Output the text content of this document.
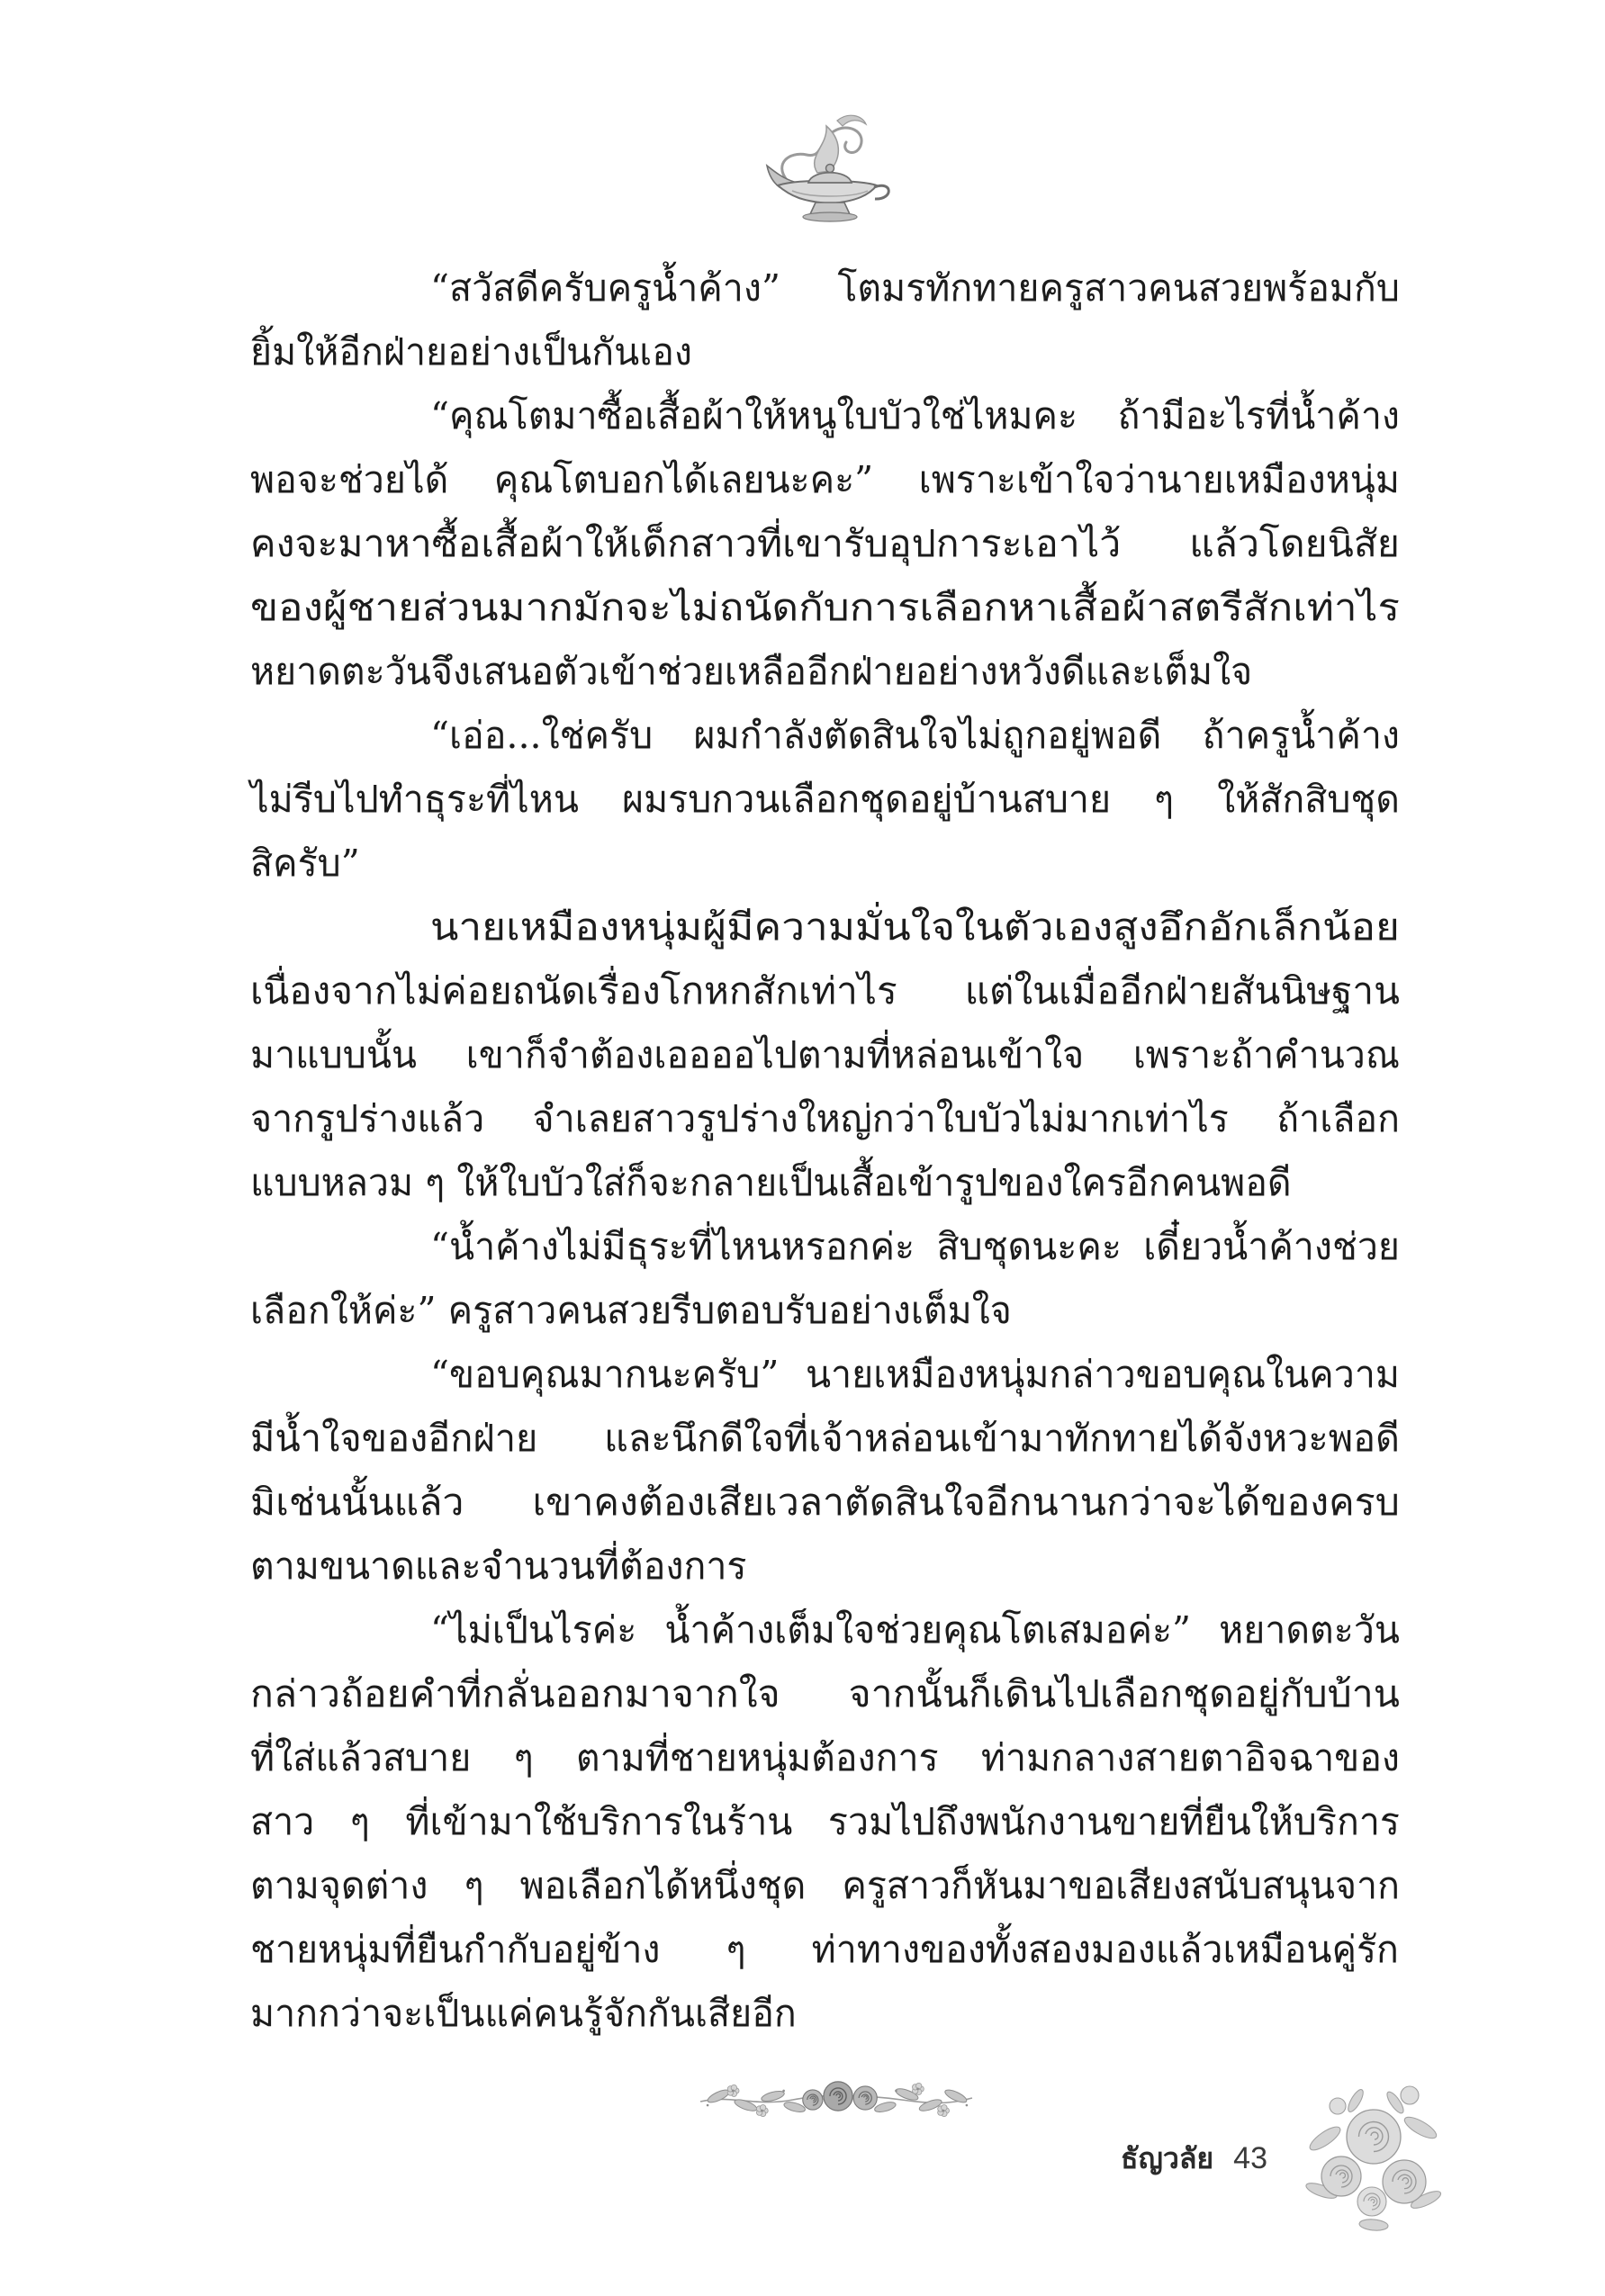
“สวัสดีครับครูน้ำค้าง” โตมรทักทายครูสาวคนสวยพร้อมกับ
ยิ้มให้อีกฝ่ายอย่างเป็นกันเอง
“คุณโตมาซื้อเสื้อผ้าให้หนูใบบัวใช่ไหมคะ ถ้ามีอะไรที่น้ำค้าง
พอจะช่วยได้ คุณโตบอกได้เลยนะคะ” เพราะเข้าใจว่านายเหมืองหนุ่ม
คงจะมาหาซื้อเสื้อผ้าให้เด็กสาวที่เขารับอุปการะเอาไว้ แล้วโดยนิสัย
ของผู้ชายส่วนมากมักจะไม่ถนัดกับการเลือกหาเสื้อผ้าสตรีสักเท่าไร
หยาดตะวันจึงเสนอตัวเข้าช่วยเหลืออีกฝ่ายอย่างหวังดีและเต็มใจ
“เอ่อ...ใช่ครับ ผมกำลังตัดสินใจไม่ถูกอยู่พอดี ถ้าครูน้ำค้าง
ไม่รีบไปทำธุระที่ไหน ผมรบกวนเลือกชุดอยู่บ้านสบาย ๆ ให้สักสิบชุด
สิครับ”
นายเหมืองหนุ่มผู้มีความมั่นใจในตัวเองสูงอึกอักเล็กน้อย
เนื่องจากไม่ค่อยถนัดเรื่องโกหกสักเท่าไร แต่ในเมื่ออีกฝ่ายสันนิษฐาน
มาแบบนั้น เขาก็จำต้องเออออไปตามที่หล่อนเข้าใจ เพราะถ้าคำนวณ
จากรูปร่างแล้ว จำเลยสาวรูปร่างใหญ่กว่าใบบัวไม่มากเท่าไร ถ้าเลือก
แบบหลวม ๆ ให้ใบบัวใส่ก็จะกลายเป็นเสื้อเข้ารูปของใครอีกคนพอดี
“น้ำค้างไม่มีธุระที่ไหนหรอกค่ะ สิบชุดนะคะ เดี๋ยวน้ำค้างช่วย
เลือกให้ค่ะ” ครูสาวคนสวยรีบตอบรับอย่างเต็มใจ
“ขอบคุณมากนะครับ” นายเหมืองหนุ่มกล่าวขอบคุณในความ
มีน้ำใจของอีกฝ่าย และนึกดีใจที่เจ้าหล่อนเข้ามาทักทายได้จังหวะพอดี
มิเช่นนั้นแล้ว เขาคงต้องเสียเวลาตัดสินใจอีกนานกว่าจะได้ของครบ
ตามขนาดและจำนวนที่ต้องการ
“ไม่เป็นไรค่ะ น้ำค้างเต็มใจช่วยคุณโตเสมอค่ะ” หยาดตะวัน
กล่าวถ้อยคำที่กลั่นออกมาจากใจ จากนั้นก็เดินไปเลือกชุดอยู่กับบ้าน
ที่ใส่แล้วสบาย ๆ ตามที่ชายหนุ่มต้องการ ท่ามกลางสายตาอิจฉาของ
สาว ๆ ที่เข้ามาใช้บริการในร้าน รวมไปถึงพนักงานขายที่ยืนให้บริการ
ตามจุดต่าง ๆ พอเลือกได้หนึ่งชุด ครูสาวก็หันมาขอเสียงสนับสนุนจาก
ชายหนุ่มที่ยืนกำกับอยู่ข้าง ๆ ท่าทางของทั้งสองมองแล้วเหมือนคู่รัก
มากกว่าจะเป็นแค่คนรู้จักกันเสียอีก
ธัญวลัย 43
